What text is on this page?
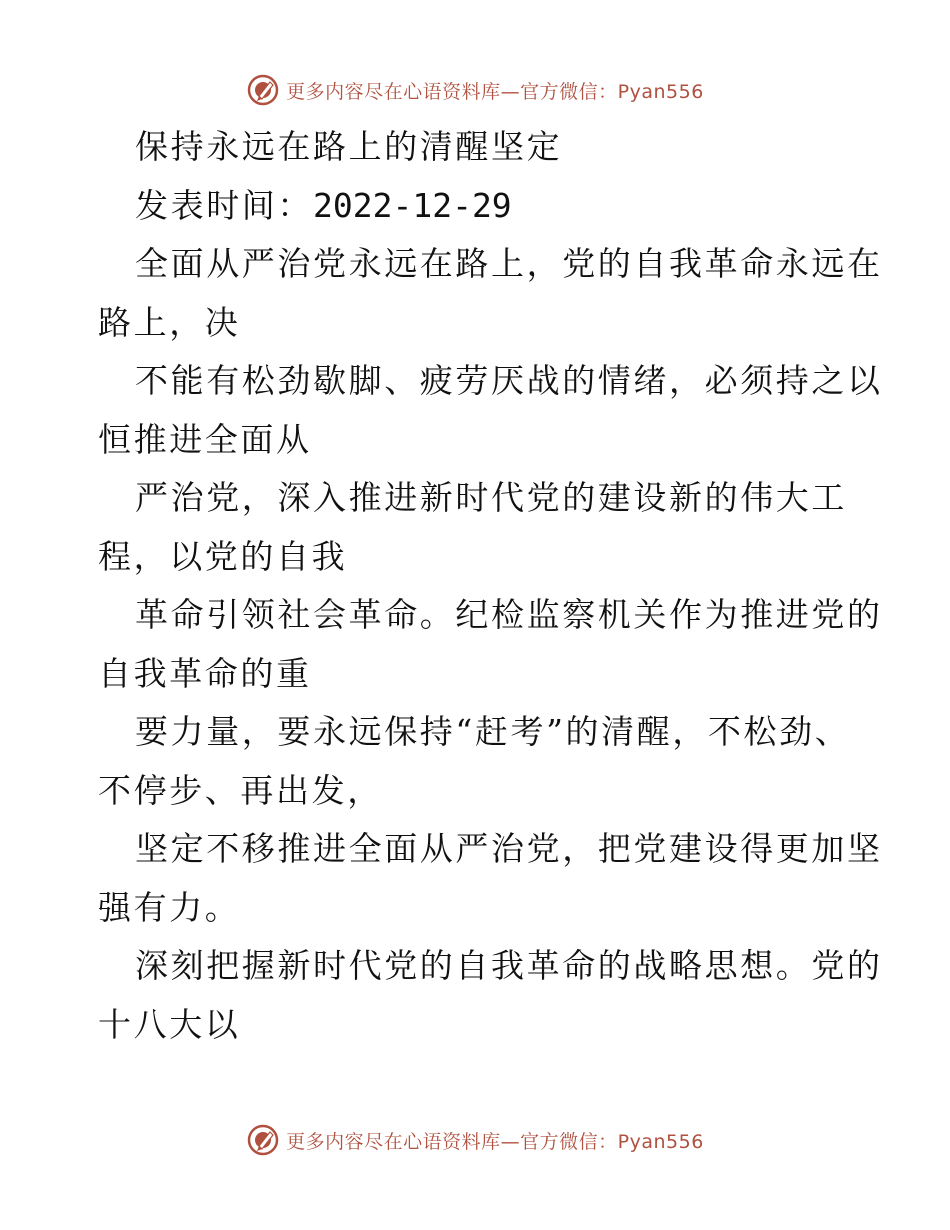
更多内容尽在心语资料库—官方微信：Pyan556
保持永远在路上的清醒坚定
发表时间：2022-12-29
全面从严治党永远在路上，党的自我革命永远在
路上，决
不能有松劲歇脚、疲劳厌战的情绪，必须持之以
恒推进全面从
严治党，深入推进新时代党的建设新的伟大工
程，以党的自我
革命引领社会革命。纪检监察机关作为推进党的
自我革命的重
要力量，要永远保持“赶考”的清醒，不松劲、
不停步、再出发，
坚定不移推进全面从严治党，把党建设得更加坚
强有力。
深刻把握新时代党的自我革命的战略思想。党的
十八大以
更多内容尽在心语资料库—官方微信：Pyan556
